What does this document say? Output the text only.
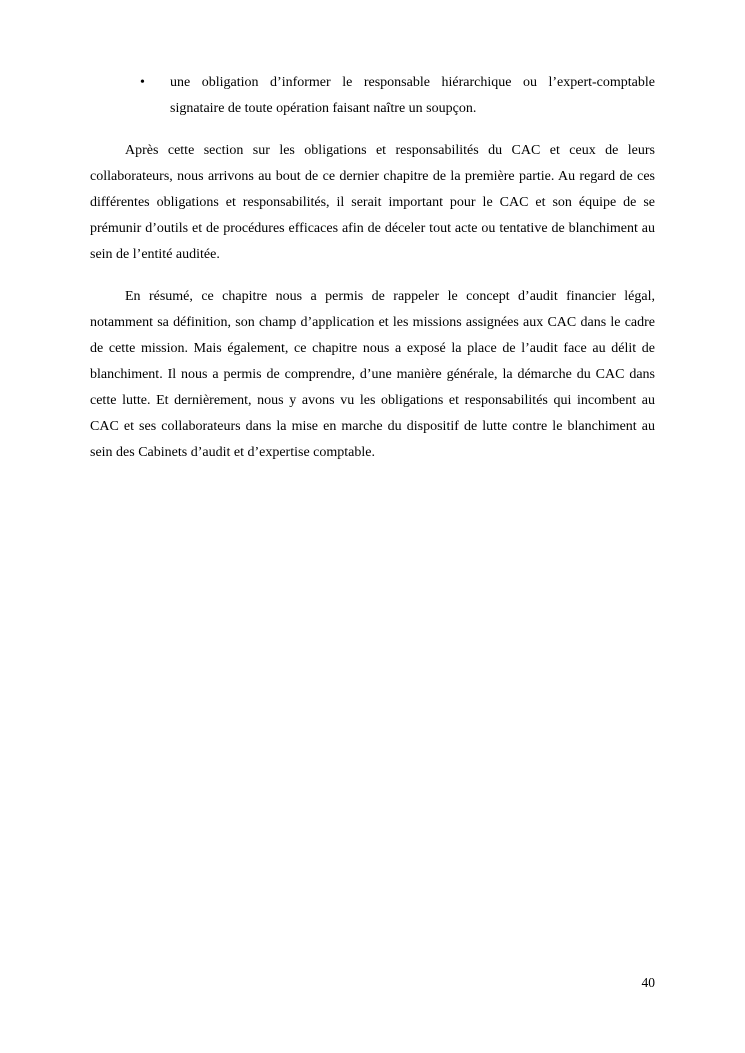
•	une obligation d’informer le responsable hiérarchique ou l’expert-comptable signataire de toute opération faisant naître un soupçon.

Après cette section sur les obligations et responsabilités du CAC et ceux de leurs collaborateurs, nous arrivons au bout de ce dernier chapitre de la première partie. Au regard de ces différentes obligations et responsabilités, il serait important pour le CAC et son équipe de se prémunir d’outils et de procédures efficaces afin de déceler tout acte ou tentative de blanchiment au sein de l’entité auditée.

En résumé, ce chapitre nous a permis de rappeler le concept d’audit financier légal, notamment sa définition, son champ d’application et les missions assignées aux CAC dans le cadre de cette mission. Mais également, ce chapitre nous a exposé la place de l’audit face au délit de blanchiment. Il nous a permis de comprendre, d’une manière générale, la démarche du CAC dans cette lutte. Et dernièrement, nous y avons vu les obligations et responsabilités qui incombent au CAC et ses collaborateurs dans la mise en marche du dispositif de lutte contre le blanchiment au sein des Cabinets d’audit et d’expertise comptable.

40
